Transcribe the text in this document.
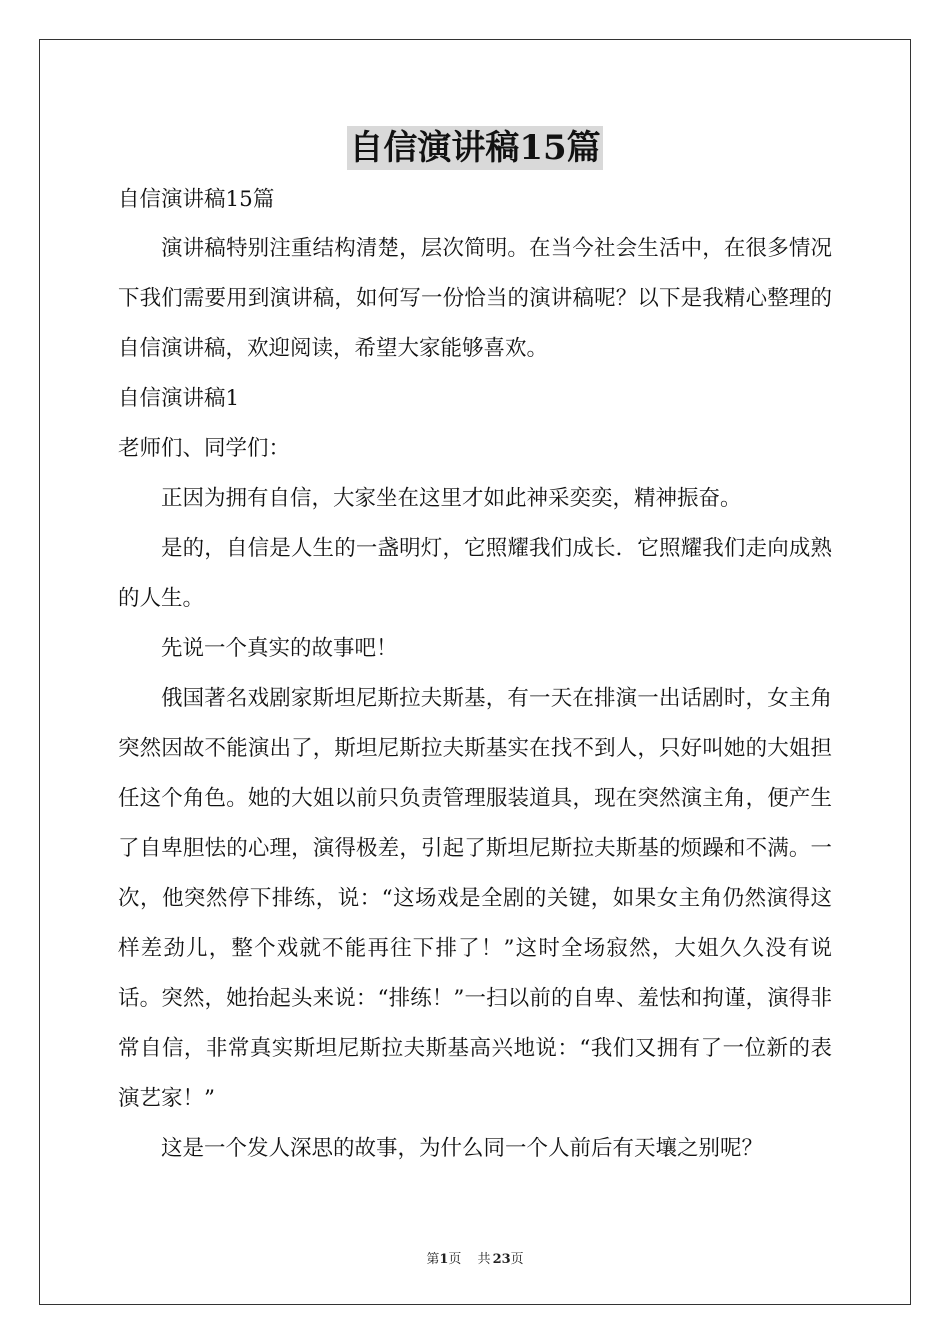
自信演讲稿15篇
自信演讲稿15篇
演讲稿特别注重结构清楚，层次简明。在当今社会生活中，在很多情况下我们需要用到演讲稿，如何写一份恰当的演讲稿呢？以下是我精心整理的自信演讲稿，欢迎阅读，希望大家能够喜欢。
自信演讲稿1
老师们、同学们：
正因为拥有自信，大家坐在这里才如此神采奕奕，精神振奋。
是的，自信是人生的一盏明灯，它照耀我们成长．它照耀我们走向成熟的人生。
先说一个真实的故事吧！
俄国著名戏剧家斯坦尼斯拉夫斯基，有一天在排演一出话剧时，女主角突然因故不能演出了，斯坦尼斯拉夫斯基实在找不到人，只好叫她的大姐担任这个角色。她的大姐以前只负责管理服装道具，现在突然演主角，便产生了自卑胆怯的心理，演得极差，引起了斯坦尼斯拉夫斯基的烦躁和不满。一次，他突然停下排练，说：“这场戏是全剧的关键，如果女主角仍然演得这样差劲儿，整个戏就不能再往下排了！”这时全场寂然，大姐久久没有说话。突然，她抬起头来说：“排练！”一扫以前的自卑、羞怯和拘谨，演得非常自信，非常真实斯坦尼斯拉夫斯基高兴地说：“我们又拥有了一位新的表演艺家！”
这是一个发人深思的故事，为什么同一个人前后有天壤之别呢？
第1页 共 23页
